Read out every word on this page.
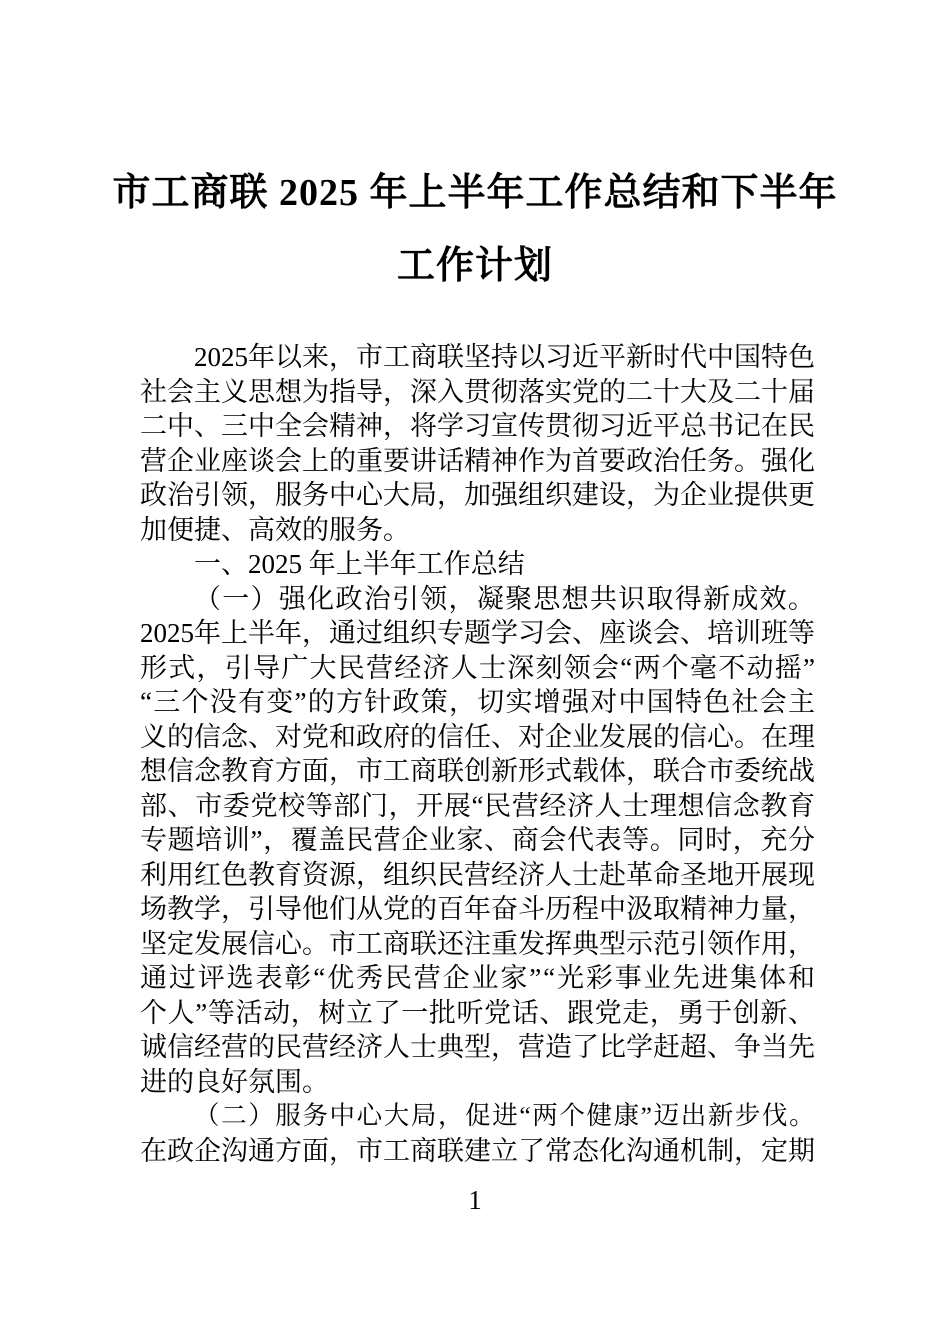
市工商联 2025 年上半年工作总结和下半年
工作计划
2 0 2 5 年 以 来 ， 市 工 商 联 坚 持 以 习 近 平 新 时 代 中 国 特 色
社 会 主 义 思 想 为 指 导 ， 深 入 贯 彻 落 实 党 的 二 十 大 及 二 十 届
二 中 、 三 中 全 会 精 神 ， 将 学 习 宣 传 贯 彻 习 近 平 总 书 记 在 民
营 企 业 座 谈 会 上 的 重 要 讲 话 精 神 作 为 首 要 政 治 任 务 。 强 化
政 治 引 领 ， 服 务 中 心 大 局 ， 加 强 组 织 建 设 ， 为 企 业 提 供 更
加便捷、高效的服务。
一、2025 年上半年工作总结
（ 一 ） 强 化 政 治 引 领 ， 凝 聚 思 想 共 识 取 得 新 成 效 。
2 0 2 5 年 上 半 年 ， 通 过 组 织 专 题 学 习 会 、 座 谈 会 、 培 训 班 等
形 式 ， 引 导 广 大 民 营 经 济 人 士 深 刻 领 会 “ 两 个 毫 不 动 摇 ”
“ 三 个 没 有 变 ” 的 方 针 政 策 ， 切 实 增 强 对 中 国 特 色 社 会 主
义 的 信 念 、 对 党 和 政 府 的 信 任 、 对 企 业 发 展 的 信 心 。 在 理
想 信 念 教 育 方 面 ， 市 工 商 联 创 新 形 式 载 体 ， 联 合 市 委 统 战
部 、 市 委 党 校 等 部 门 ， 开 展 “ 民 营 经 济 人 士 理 想 信 念 教 育
专 题 培 训 ” ， 覆 盖 民 营 企 业 家 、 商 会 代 表 等 。 同 时 ， 充 分
利 用 红 色 教 育 资 源 ， 组 织 民 营 经 济 人 士 赴 革 命 圣 地 开 展 现
场 教 学 ， 引 导 他 们 从 党 的 百 年 奋 斗 历 程 中 汲 取 精 神 力 量 ，
坚 定 发 展 信 心 。 市 工 商 联 还 注 重 发 挥 典 型 示 范 引 领 作 用 ，
通 过 评 选 表 彰 “ 优 秀 民 营 企 业 家 ” “ 光 彩 事 业 先 进 集 体 和
个 人 ” 等 活 动 ， 树 立 了 一 批 听 党 话 、 跟 党 走 ， 勇 于 创 新 、
诚 信 经 营 的 民 营 经 济 人 士 典 型 ， 营 造 了 比 学 赶 超 、 争 当 先
进的良好氛围。
（ 二 ） 服 务 中 心 大 局 ， 促 进 “ 两 个 健 康 ” 迈 出 新 步 伐 。
在 政 企 沟 通 方 面 ， 市 工 商 联 建 立 了 常 态 化 沟 通 机 制 ， 定 期
1
